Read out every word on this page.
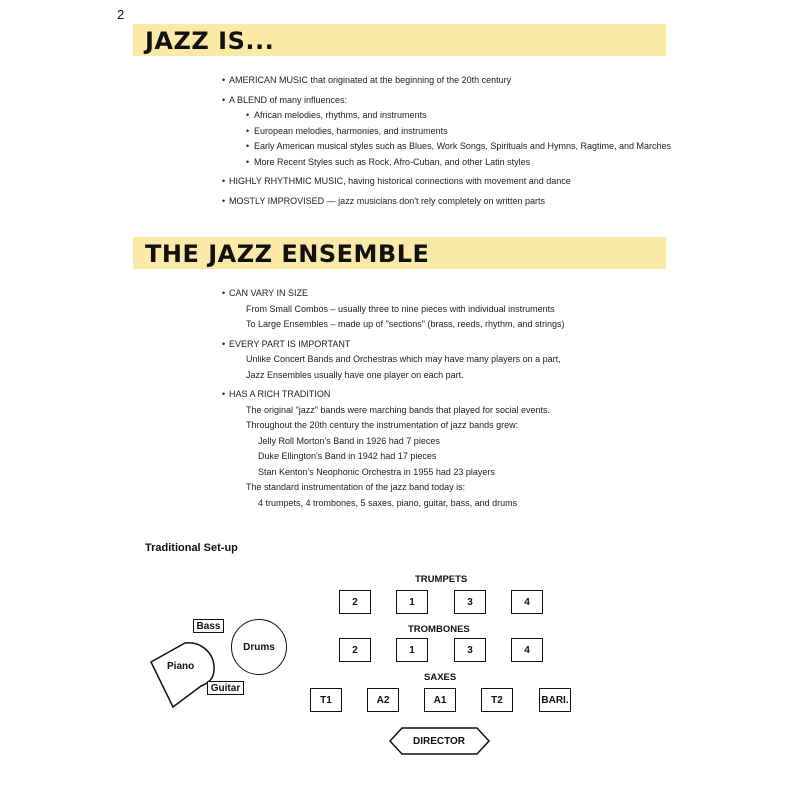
2
JAZZ IS...
• AMERICAN MUSIC that originated at the beginning of the 20th century
• A BLEND of many influences:
• African melodies, rhythms, and instruments
• European melodies, harmonies, and instruments
• Early American musical styles such as Blues, Work Songs, Spirituals and Hymns, Ragtime, and Marches
• More Recent Styles such as Rock, Afro-Cuban, and other Latin styles
• HIGHLY RHYTHMIC MUSIC, having historical connections with movement and dance
• MOSTLY IMPROVISED — jazz musicians don't rely completely on written parts
THE JAZZ ENSEMBLE
• CAN VARY IN SIZE
From Small Combos – usually three to nine pieces with individual instruments
To Large Ensembles – made up of "sections" (brass, reeds, rhythm, and strings)
• EVERY PART IS IMPORTANT
Unlike Concert Bands and Orchestras which may have many players on a part,
Jazz Ensembles usually have one player on each part.
• HAS A RICH TRADITION
The original "jazz" bands were marching bands that played for social events.
Throughout the 20th century the instrumentation of jazz bands grew:
Jelly Roll Morton's Band in 1926 had 7 pieces
Duke Ellington's Band in 1942 had 17 pieces
Stan Kenton's Neophonic Orchestra in 1955 had 23 players
The standard instrumentation of the jazz band today is:
4 trumpets, 4 trombones, 5 saxes, piano, guitar, bass, and drums
Traditional Set-up
TRUMPETS
2	1	3	4
TROMBONES
2	1	3	4
SAXES
T1	A2	A1	T2	BARI.
Bass
Drums
Piano
Guitar
DIRECTOR
